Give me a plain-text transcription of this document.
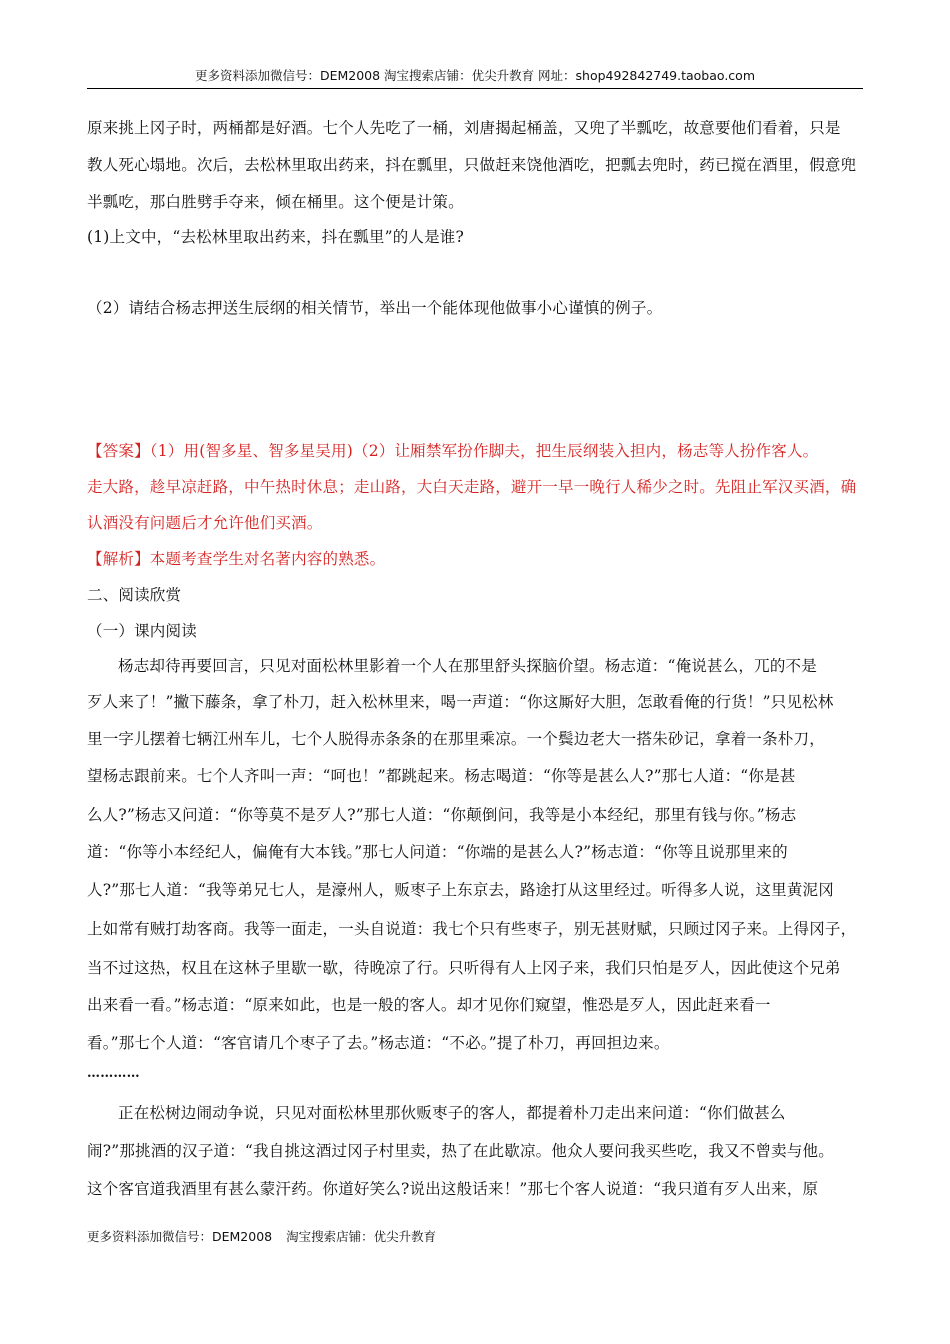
更多资料添加微信号：DEM2008 淘宝搜索店铺：优尖升教育 网址：shop492842749.taobao.com
原来挑上冈子时，两桶都是好酒。七个人先吃了一桶，刘唐揭起桶盖，又兜了半瓢吃，故意要他们看着，只是
教人死心塌地。次后，去松林里取出药来，抖在瓢里，只做赶来饶他酒吃，把瓢去兜时，药已搅在酒里，假意兜
半瓢吃，那白胜劈手夺来，倾在桶里。这个便是计策。
(1)上文中，“去松林里取出药来，抖在瓢里”的人是谁?
（2）请结合杨志押送生辰纲的相关情节，举出一个能体现他做事小心谨慎的例子。
【答案】（1）用(智多星、智多星吴用)（2）让厢禁军扮作脚夫，把生辰纲装入担内，杨志等人扮作客人。
走大路，趁早凉赶路，中午热时休息；走山路，大白天走路，避开一早一晚行人稀少之时。先阻止军汉买酒，确
认酒没有问题后才允许他们买酒。
【解析】本题考查学生对名著内容的熟悉。
二、阅读欣赏
（一）课内阅读
杨志却待再要回言，只见对面松林里影着一个人在那里舒头探脑价望。杨志道：“俺说甚么，兀的不是
歹人来了！”撇下藤条，拿了朴刀，赶入松林里来，喝一声道：“你这厮好大胆，怎敢看俺的行货！”只见松林
里一字儿摆着七辆江州车儿，七个人脱得赤条条的在那里乘凉。一个鬓边老大一搭朱砂记，拿着一条朴刀，
望杨志跟前来。七个人齐叫一声：“呵也！”都跳起来。杨志喝道：“你等是甚么人?”那七人道：“你是甚
么人?”杨志又问道：“你等莫不是歹人?”那七人道：“你颠倒问，我等是小本经纪，那里有钱与你。”杨志
道：“你等小本经纪人，偏俺有大本钱。”那七人问道：“你端的是甚么人?”杨志道：“你等且说那里来的
人?”那七人道：“我等弟兄七人，是濠州人，贩枣子上东京去，路途打从这里经过。听得多人说，这里黄泥冈
上如常有贼打劫客商。我等一面走，一头自说道：我七个只有些枣子，别无甚财赋，只顾过冈子来。上得冈子，
当不过这热，权且在这林子里歇一歇，待晚凉了行。只听得有人上冈子来，我们只怕是歹人，因此使这个兄弟
出来看一看。”杨志道：“原来如此，也是一般的客人。却才见你们窥望，惟恐是歹人，因此赶来看一
看。”那七个人道：“客官请几个枣子了去。”杨志道：“不必。”提了朴刀，再回担边来。
…………
正在松树边闹动争说，只见对面松林里那伙贩枣子的客人，都提着朴刀走出来问道：“你们做甚么
闹?”那挑酒的汉子道：“我自挑这酒过冈子村里卖，热了在此歇凉。他众人要问我买些吃，我又不曾卖与他。
这个客官道我酒里有甚么蒙汗药。你道好笑么?说出这般话来！”那七个客人说道：“我只道有歹人出来，原
更多资料添加微信号：DEM2008 淘宝搜索店铺：优尖升教育
